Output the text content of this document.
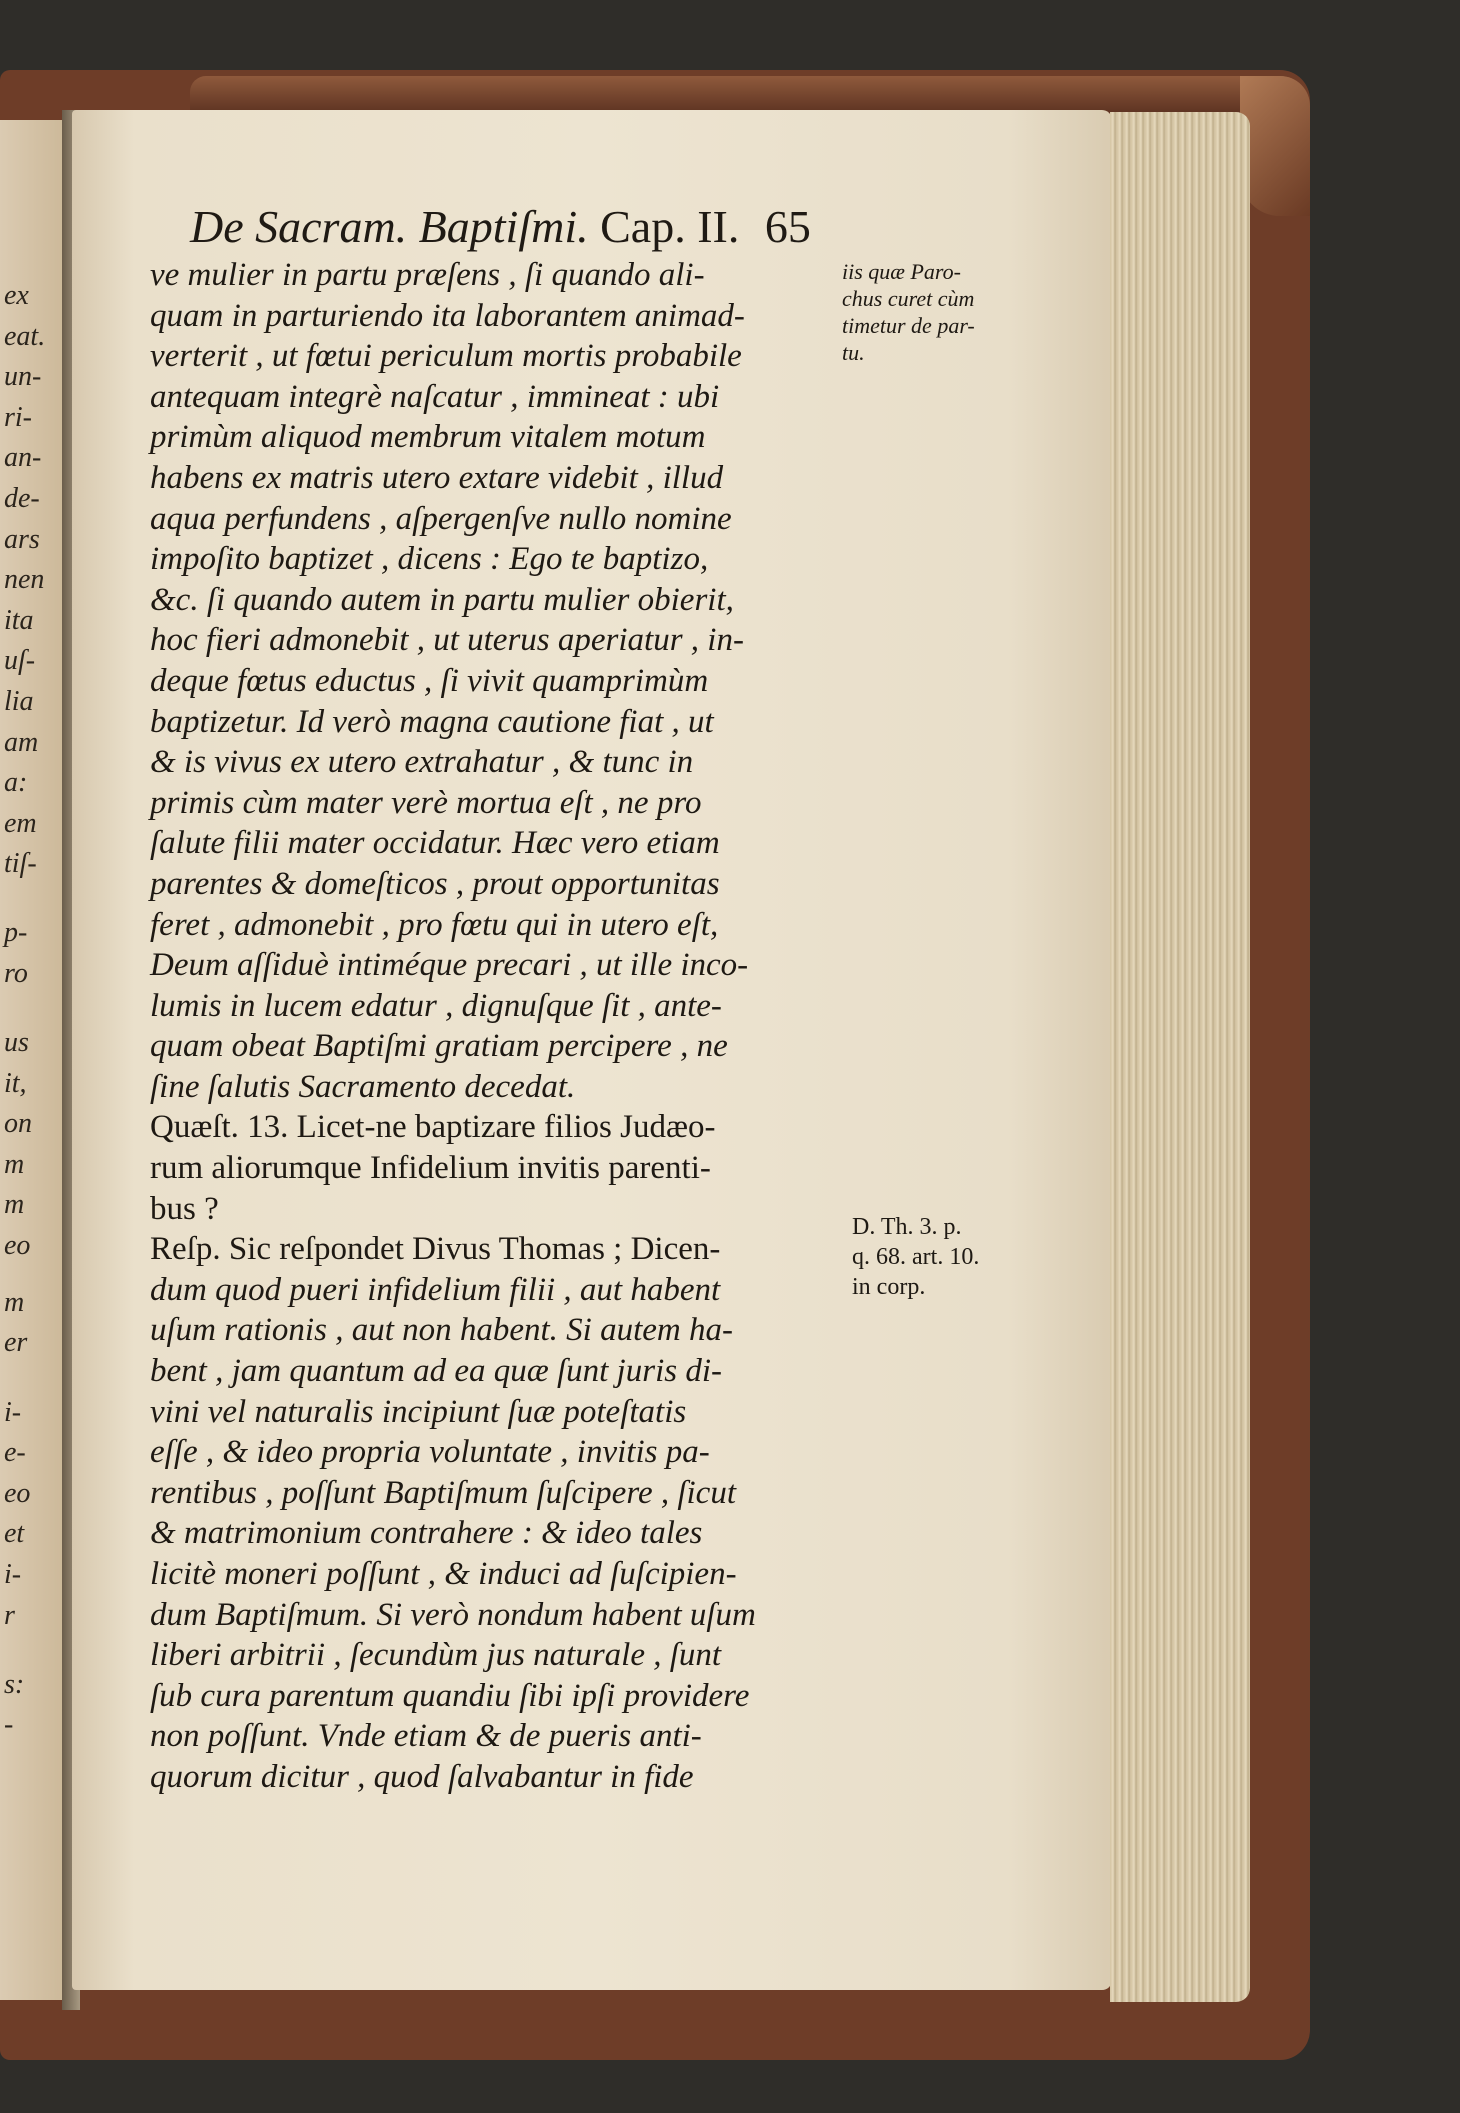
ex
eat.
un-
ri-
an-
de-
ars
nen
ita
uſ-
lia
am
a:
em
tiſ-
p-
ro
us
it,
on
m
m
eo
m
er
i-
e-
eo
et
i-
r
s:
-
De Sacram. Baptiſmi. Cap. II. 65
ve mulier in partu præſens , ſi quando ali-
quam in parturiendo ita laborantem animad-
verterit , ut fœtui periculum mortis probabile
antequam integrè naſcatur , immineat : ubi
primùm aliquod membrum vitalem motum
habens ex matris utero extare videbit , illud
aqua perfundens , aſpergenſve nullo nomine
impoſito baptizet , dicens : Ego te baptizo,
&c. ſi quando autem in partu mulier obierit,
hoc fieri admonebit , ut uterus aperiatur , in-
deque fœtus eductus , ſi vivit quamprimùm
baptizetur. Id verò magna cautione fiat , ut
& is vivus ex utero extrahatur , & tunc in
primis cùm mater verè mortua eſt , ne pro
ſalute filii mater occidatur. Hæc vero etiam
parentes & domeſticos , prout opportunitas
feret , admonebit , pro fœtu qui in utero eſt,
Deum aſſiduè intiméque precari , ut ille inco-
lumis in lucem edatur , dignuſque ſit , ante-
quam obeat Baptiſmi gratiam percipere , ne
ſine ſalutis Sacramento decedat.
Quæſt. 13. Licet-ne baptizare filios Judæo-
rum aliorumque Infidelium invitis parenti-
bus ?
Reſp. Sic reſpondet Divus Thomas ; Dicen-
dum quod pueri infidelium filii , aut habent
uſum rationis , aut non habent. Si autem ha-
bent , jam quantum ad ea quæ ſunt juris di-
vini vel naturalis incipiunt ſuæ poteſtatis
eſſe , & ideo propria voluntate , invitis pa-
rentibus , poſſunt Baptiſmum ſuſcipere , ſicut
& matrimonium contrahere : & ideo tales
licitè moneri poſſunt , & induci ad ſuſcipien-
dum Baptiſmum. Si verò nondum habent uſum
liberi arbitrii , ſecundùm jus naturale , ſunt
ſub cura parentum quandiu ſibi ipſi providere
non poſſunt. Vnde etiam & de pueris anti-
quorum dicitur , quod ſalvabantur in fide
iis quæ Paro-
chus curet cùm
timetur de par-
tu.
D. Th. 3. p.
q. 68. art. 10.
in corp.
